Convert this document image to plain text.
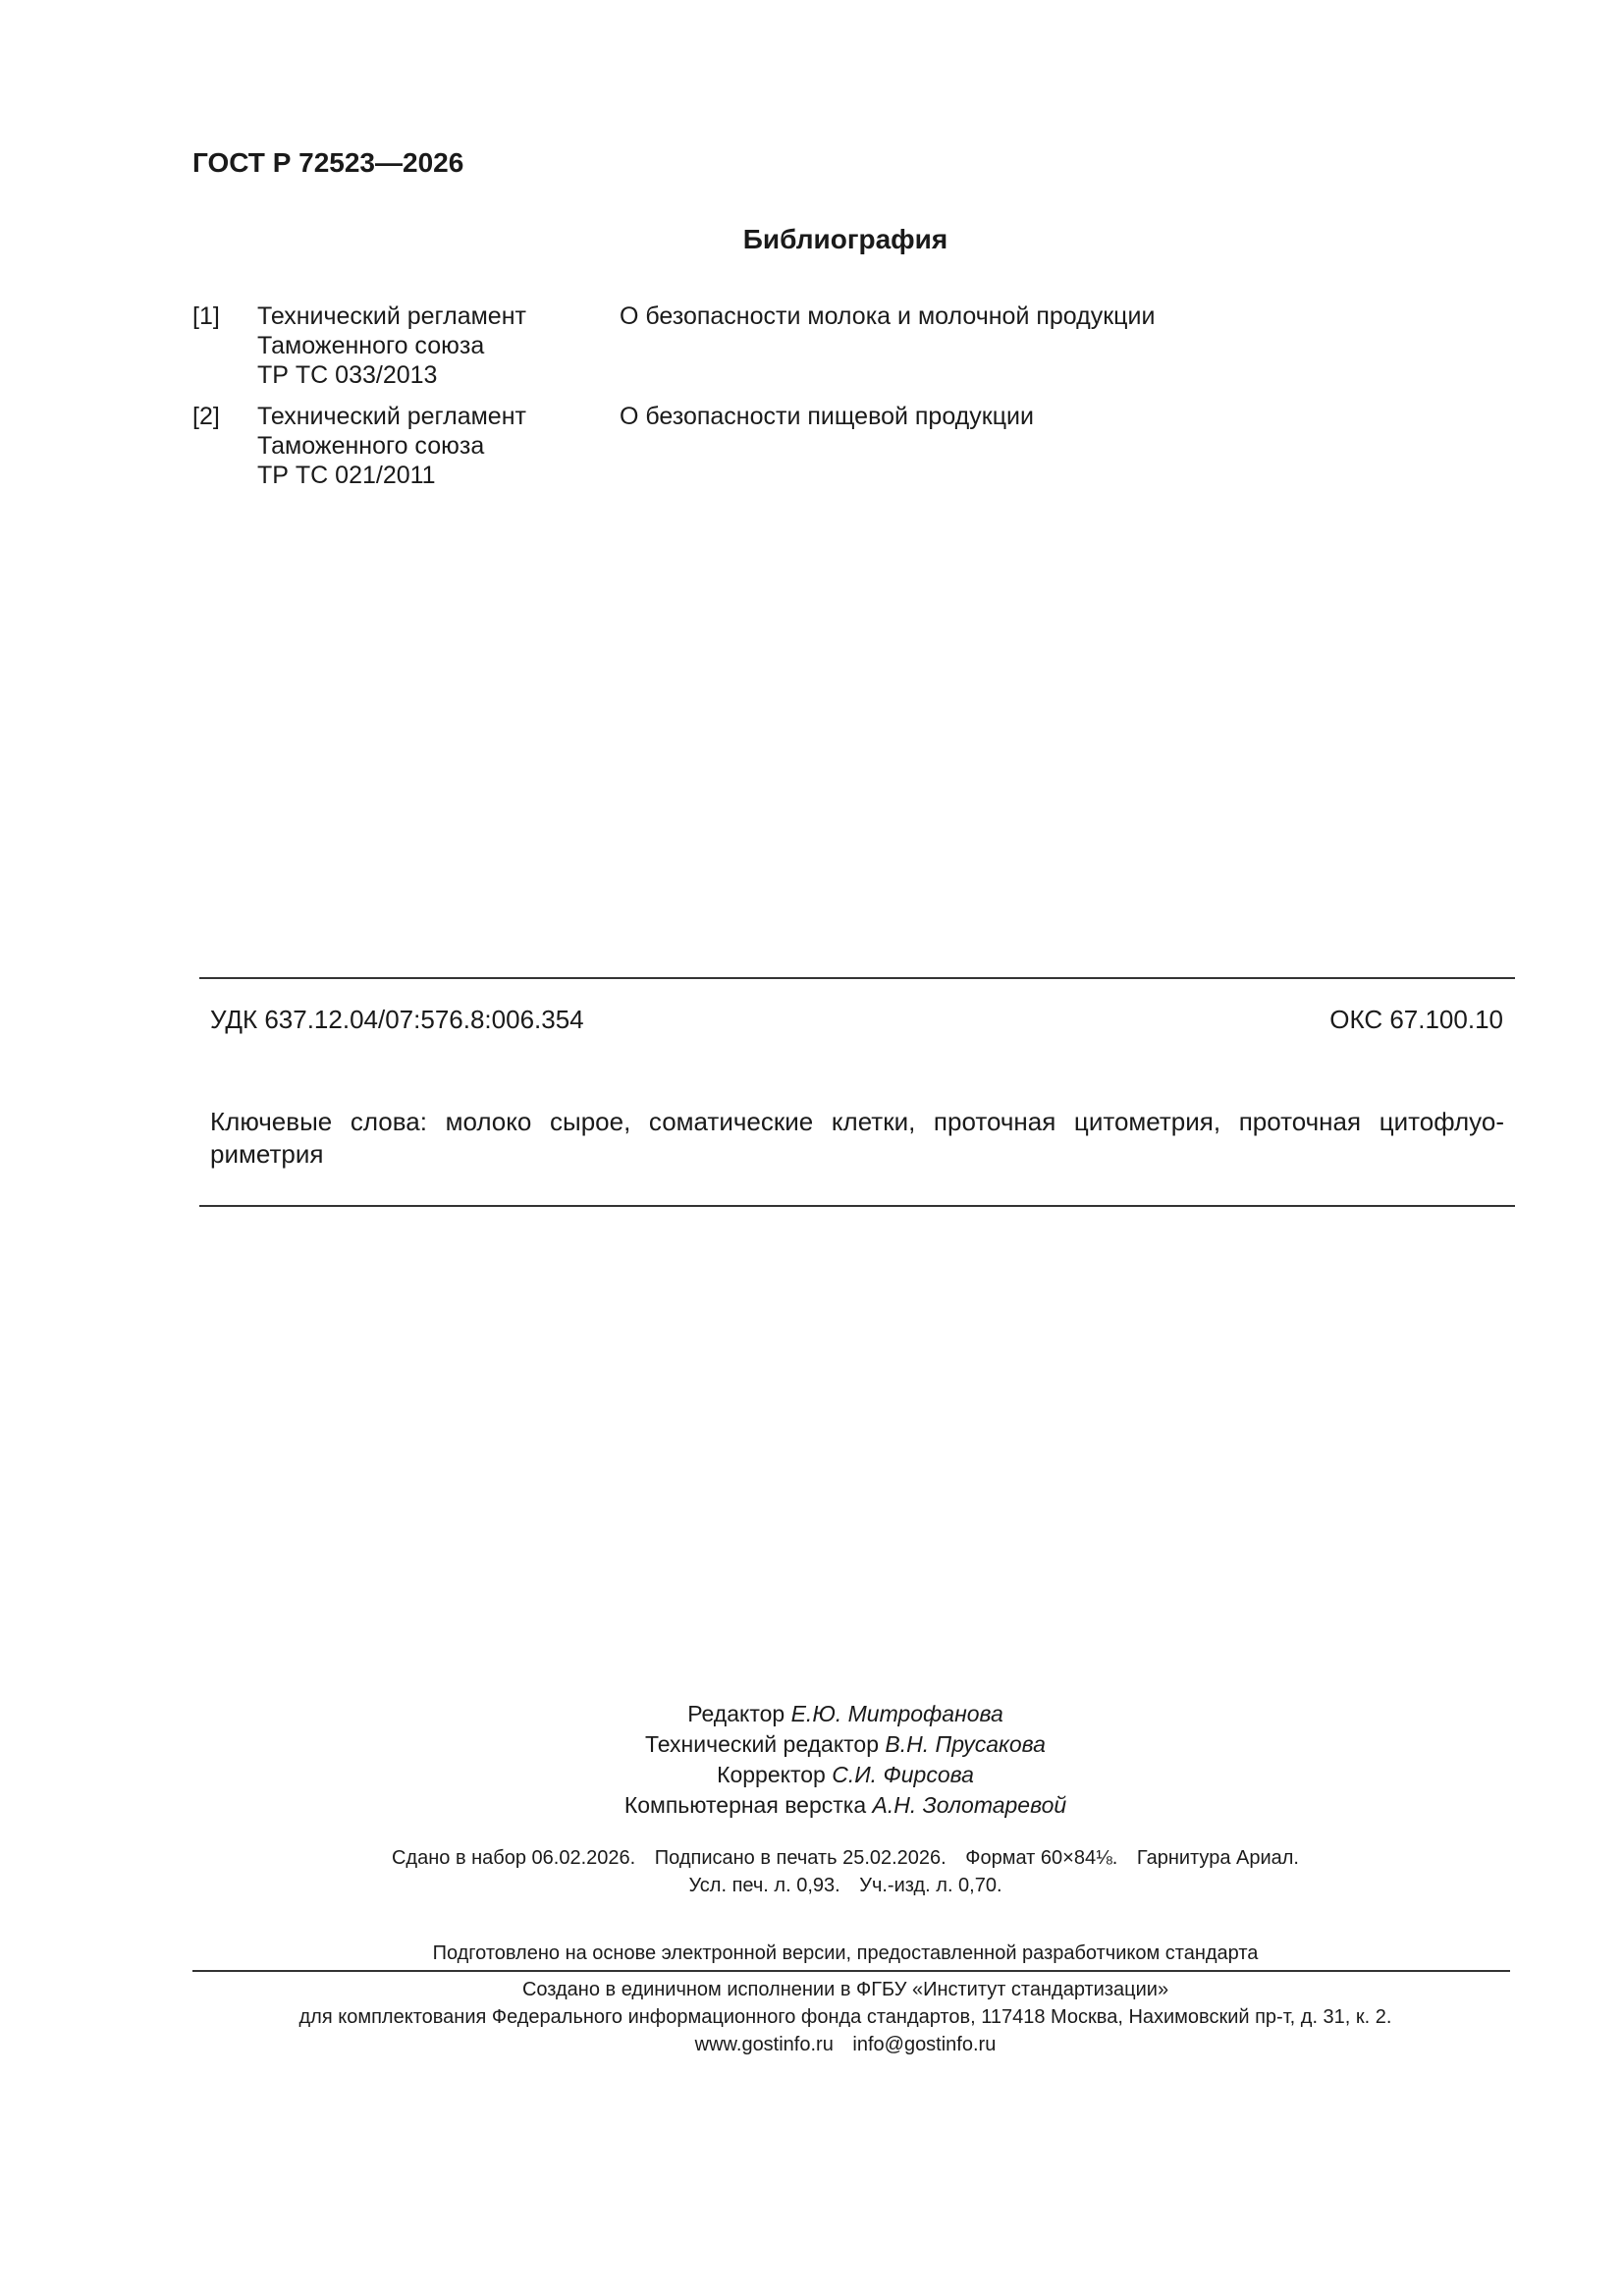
ГОСТ Р 72523—2026
Библиография
[1] Технический регламент
Таможенного союза
ТР ТС 033/2013
О безопасности молока и молочной продукции
[2] Технический регламент
Таможенного союза
ТР ТС 021/2011
О безопасности пищевой продукции
УДК 637.12.04/07:576.8:006.354	ОКС 67.100.10
Ключевые слова: молоко сырое, соматические клетки, проточная цитометрия, проточная цитофлуо-риметрия
Редактор Е.Ю. Митрофанова
Технический редактор В.Н. Прусакова
Корректор С.И. Фирсова
Компьютерная верстка А.Н. Золотаревой
Сдано в набор 06.02.2026. Подписано в печать 25.02.2026. Формат 60×84⅛. Гарнитура Ариал.
Усл. печ. л. 0,93. Уч.-изд. л. 0,70.
Подготовлено на основе электронной версии, предоставленной разработчиком стандарта
Создано в единичном исполнении в ФГБУ «Институт стандартизации»
для комплектования Федерального информационного фонда стандартов, 117418 Москва, Нахимовский пр-т, д. 31, к. 2.
www.gostinfo.ru info@gostinfo.ru
